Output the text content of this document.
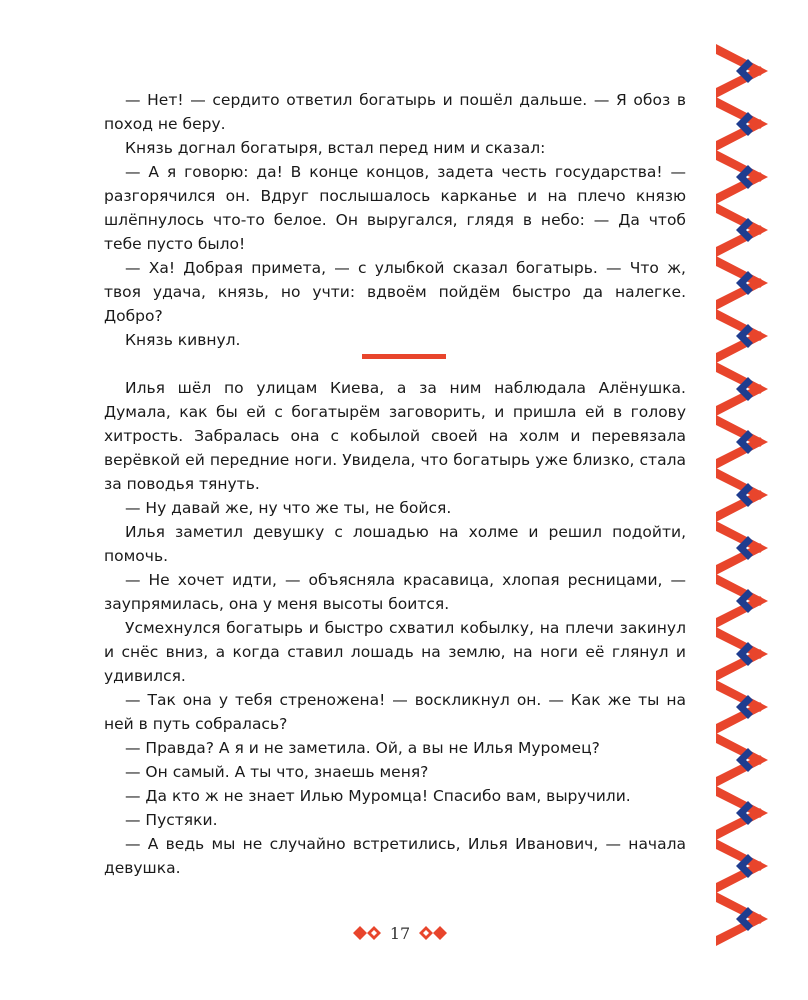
— Нет! — сердито ответил богатырь и пошёл дальше. — Я обоз в поход не беру.

Князь догнал богатыря, встал перед ним и сказал:

— А я говорю: да! В конце концов, задета честь государства! — разгорячился он. Вдруг послышалось карканье и на плечо князю шлёпнулось что-то белое. Он выругался, глядя в небо: — Да чтоб тебе пусто было!

— Ха! Добрая примета, — с улыбкой сказал богатырь. — Что ж, твоя удача, князь, но учти: вдвоём пойдём быстро да налегке. Добро?

Князь кивнул.

Илья шёл по улицам Киева, а за ним наблюдала Алёнушка. Думала, как бы ей с богатырём заговорить, и пришла ей в голову хитрость. Забралась она с кобылой своей на холм и перевязала верёвкой ей передние ноги. Увидела, что богатырь уже близко, стала за поводья тянуть.

— Ну давай же, ну что же ты, не бойся.

Илья заметил девушку с лошадью на холме и решил подойти, помочь.

— Не хочет идти, — объясняла красавица, хлопая ресницами, — заупрямилась, она у меня высоты боится.

Усмехнулся богатырь и быстро схватил кобылку, на плечи закинул и снёс вниз, а когда ставил лошадь на землю, на ноги её глянул и удивился.

— Так она у тебя стреножена! — воскликнул он. — Как же ты на ней в путь собралась?

— Правда? А я и не заметила. Ой, а вы не Илья Муромец?

— Он самый. А ты что, знаешь меня?

— Да кто ж не знает Илью Муромца! Спасибо вам, выручили.

— Пустяки.

— А ведь мы не случайно встретились, Илья Иванович, — начала девушка.

17
